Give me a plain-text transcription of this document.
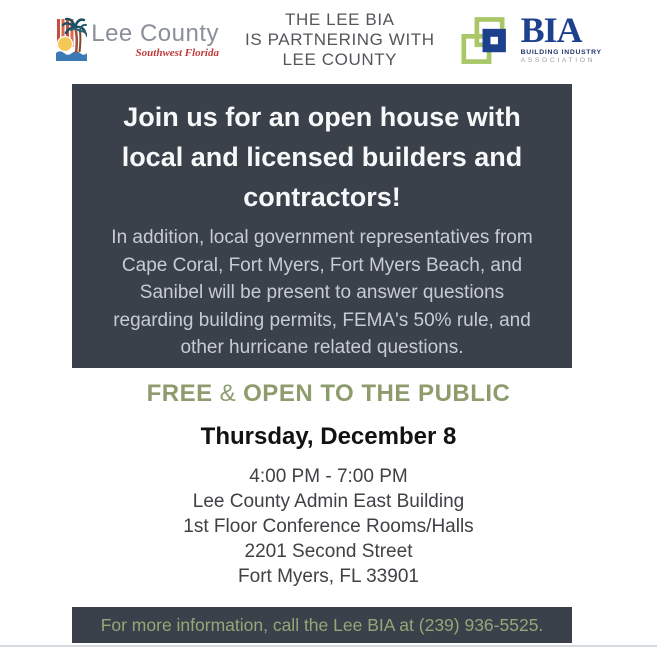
Lee County
Southwest Florida
THE LEE BIA
IS PARTNERING WITH
LEE COUNTY
BIA
BUILDING INDUSTRY
ASSOCIATION
Join us for an open house with
local and licensed builders and
contractors!
In addition, local government representatives from
Cape Coral, Fort Myers, Fort Myers Beach, and
Sanibel will be present to answer questions
regarding building permits, FEMA's 50% rule, and
other hurricane related questions.
FREE & OPEN TO THE PUBLIC
Thursday, December 8
4:00 PM - 7:00 PM
Lee County Admin East Building
1st Floor Conference Rooms/Halls
2201 Second Street
Fort Myers, FL 33901
For more information, call the Lee BIA at (239) 936-5525.
